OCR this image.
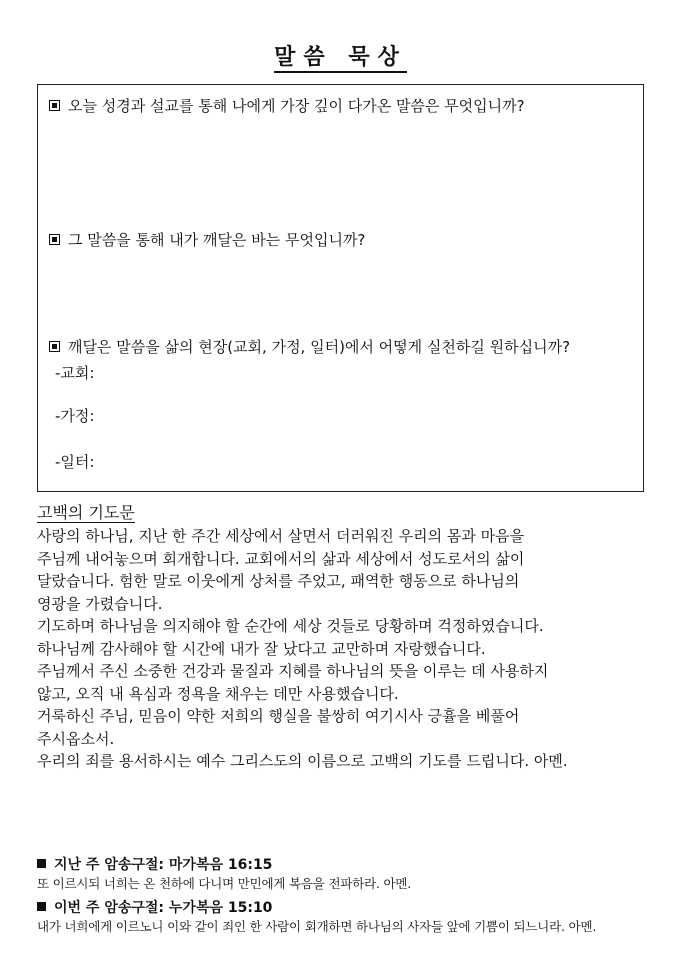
말씀 묵상
오늘 성경과 설교를 통해 나에게 가장 깊이 다가온 말씀은 무엇입니까?
그 말씀을 통해 내가 깨달은 바는 무엇입니까?
깨달은 말씀을 삶의 현장(교회, 가정, 일터)에서 어떻게 실천하길 원하십니까?
-교회:
-가정:
-일터:
고백의 기도문
사랑의 하나님, 지난 한 주간 세상에서 살면서 더러워진 우리의 몸과 마음을
주님께 내어놓으며 회개합니다. 교회에서의 삶과 세상에서 성도로서의 삶이
달랐습니다. 험한 말로 이웃에게 상처를 주었고, 패역한 행동으로 하나님의
영광을 가렸습니다.
기도하며 하나님을 의지해야 할 순간에 세상 것들로 당황하며 걱정하였습니다.
하나님께 감사해야 할 시간에 내가 잘 났다고 교만하며 자랑했습니다.
주님께서 주신 소중한 건강과 물질과 지혜를 하나님의 뜻을 이루는 데 사용하지
않고, 오직 내 욕심과 정욕을 채우는 데만 사용했습니다.
거룩하신 주님, 믿음이 약한 저희의 행실을 불쌍히 여기시사 긍휼을 베풀어
주시옵소서.
우리의 죄를 용서하시는 예수 그리스도의 이름으로 고백의 기도를 드립니다. 아멘.
지난 주 암송구절: 마가복음 16:15
또 이르시되 너희는 온 천하에 다니며 만민에게 복음을 전파하라. 아멘.
이번 주 암송구절: 누가복음 15:10
내가 너희에게 이르노니 이와 같이 죄인 한 사람이 회개하면 하나님의 사자들 앞에 기쁨이 되느니라. 아멘.
